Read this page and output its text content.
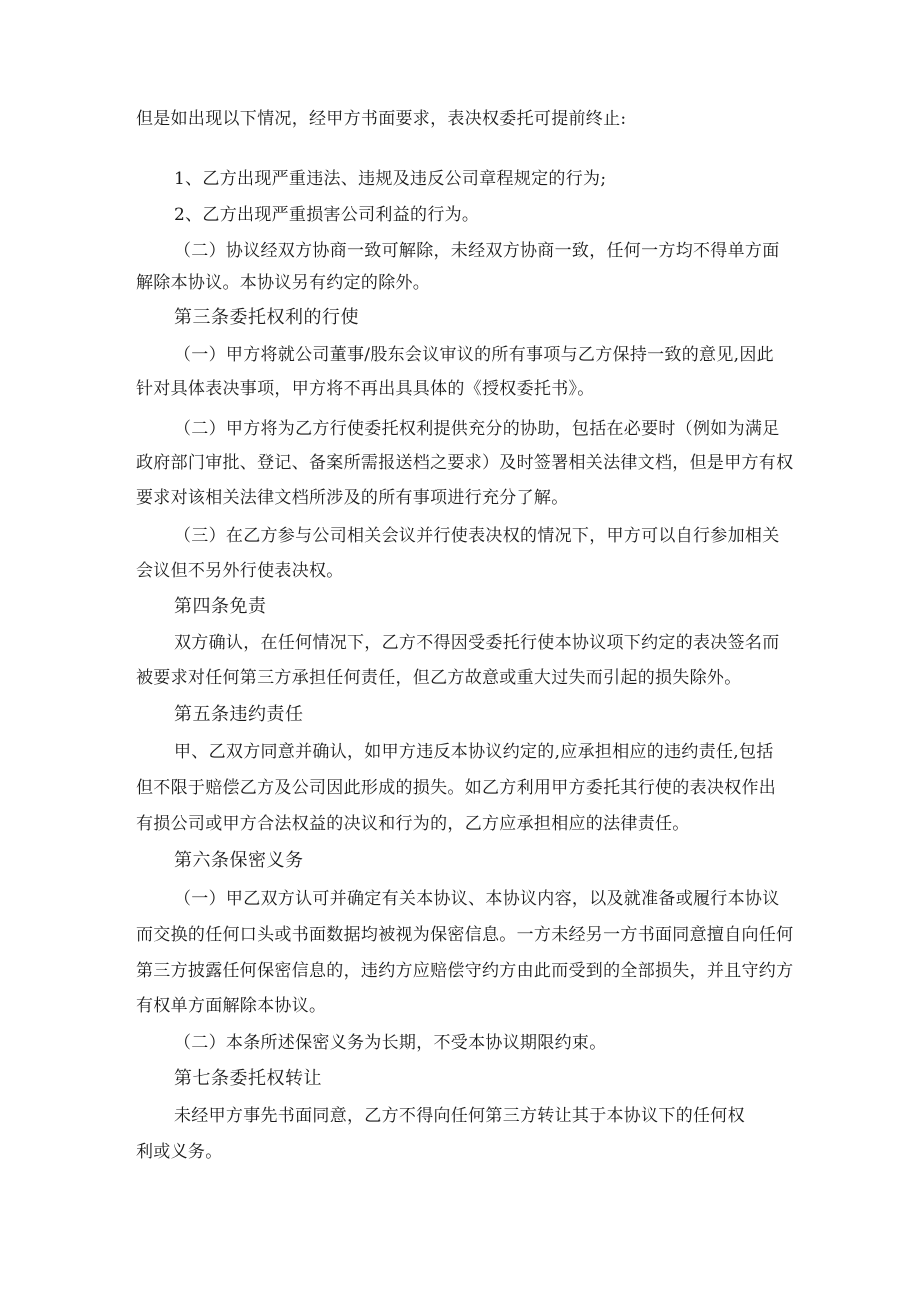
但是如出现以下情况，经甲方书面要求，表决权委托可提前终止:
1、乙方出现严重违法、违规及违反公司章程规定的行为;
2、乙方出现严重损害公司利益的行为。
（二）协议经双方协商一致可解除，未经双方协商一致，任何一方均不得单方面
解除本协议。本协议另有约定的除外。
第三条委托权利的行使
（一）甲方将就公司董事/股东会议审议的所有事项与乙方保持一致的意见,因此
针对具体表决事项，甲方将不再出具具体的《授权委托书》。
（二）甲方将为乙方行使委托权利提供充分的协助，包括在必要时（例如为满足
政府部门审批、登记、备案所需报送档之要求）及时签署相关法律文档，但是甲方有权
要求对该相关法律文档所涉及的所有事项进行充分了解。
（三）在乙方参与公司相关会议并行使表决权的情况下，甲方可以自行参加相关
会议但不另外行使表决权。
第四条免责
双方确认，在任何情况下，乙方不得因受委托行使本协议项下约定的表决签名而
被要求对任何第三方承担任何责任，但乙方故意或重大过失而引起的损失除外。
第五条违约责任
甲、乙双方同意并确认，如甲方违反本协议约定的,应承担相应的违约责任,包括
但不限于赔偿乙方及公司因此形成的损失。如乙方利用甲方委托其行使的表决权作出
有损公司或甲方合法权益的决议和行为的，乙方应承担相应的法律责任。
第六条保密义务
（一）甲乙双方认可并确定有关本协议、本协议内容，以及就准备或履行本协议
而交换的任何口头或书面数据均被视为保密信息。一方未经另一方书面同意擅自向任何
第三方披露任何保密信息的，违约方应赔偿守约方由此而受到的全部损失，并且守约方
有权单方面解除本协议。
（二）本条所述保密义务为长期，不受本协议期限约束。
第七条委托权转让
未经甲方事先书面同意，乙方不得向任何第三方转让其于本协议下的任何权
利或义务。
